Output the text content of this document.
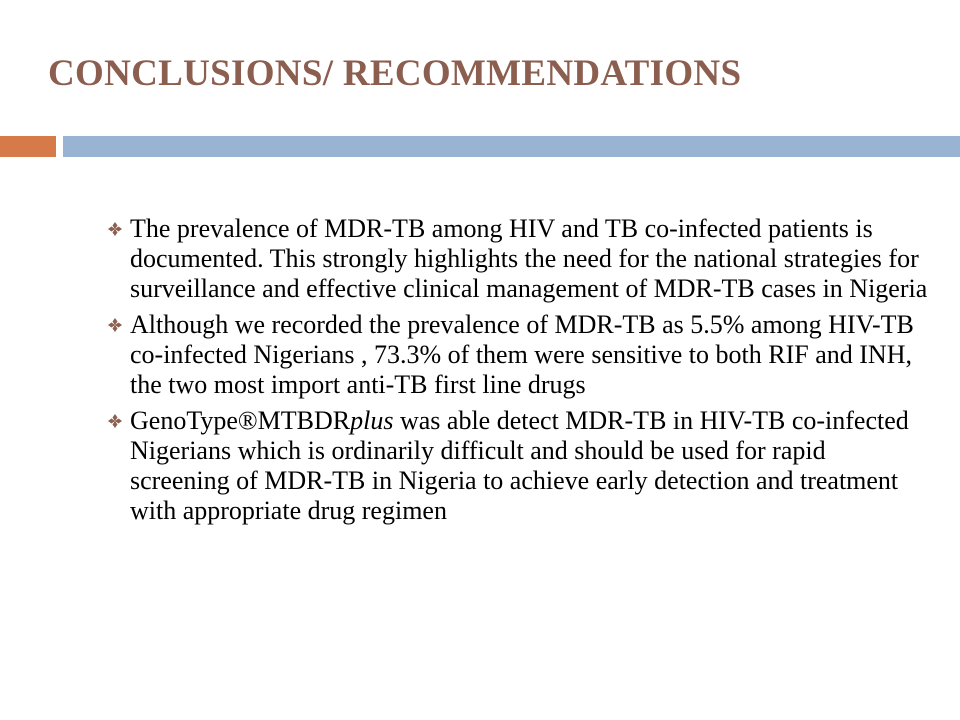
CONCLUSIONS/ RECOMMENDATIONS
The prevalence of MDR-TB among HIV and TB co-infected patients is documented. This strongly highlights the need for the national strategies for surveillance and effective clinical management of MDR-TB cases in Nigeria
Although we recorded the prevalence of MDR-TB as 5.5% among HIV-TB co-infected Nigerians , 73.3% of them were sensitive to both RIF and INH, the two most import anti-TB first line drugs
GenoType®MTBDRplus was able detect MDR-TB in HIV-TB co-infected Nigerians which is ordinarily difficult and should be used for rapid screening of MDR-TB in Nigeria to achieve early detection and treatment with appropriate drug regimen
